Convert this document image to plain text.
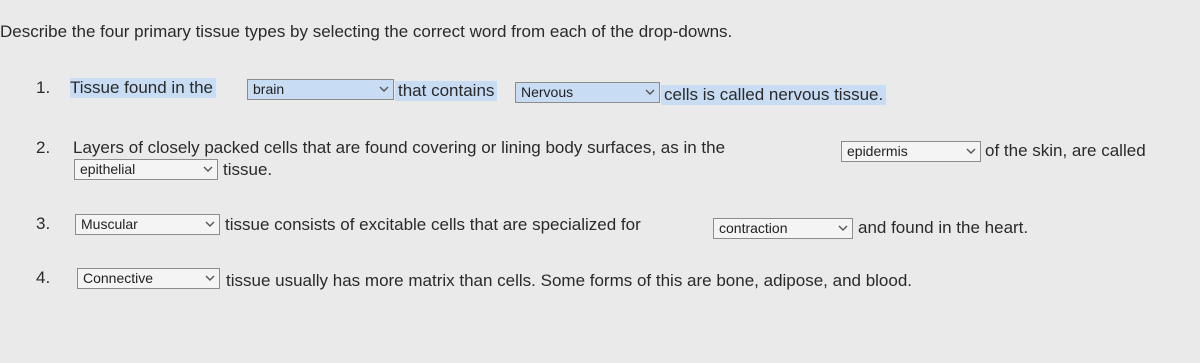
Describe the four primary tissue types by selecting the correct word from each of the drop-downs.
1. Tissue found in the	brain	that contains	Nervous	cells is called nervous tissue.
2. Layers of closely packed cells that are found covering or lining body surfaces, as in the	epidermis	of the skin, are called
epithelial	tissue.
3.	Muscular	tissue consists of excitable cells that are specialized for	contraction	and found in the heart.
4.	Connective	tissue usually has more matrix than cells. Some forms of this are bone, adipose, and blood.
